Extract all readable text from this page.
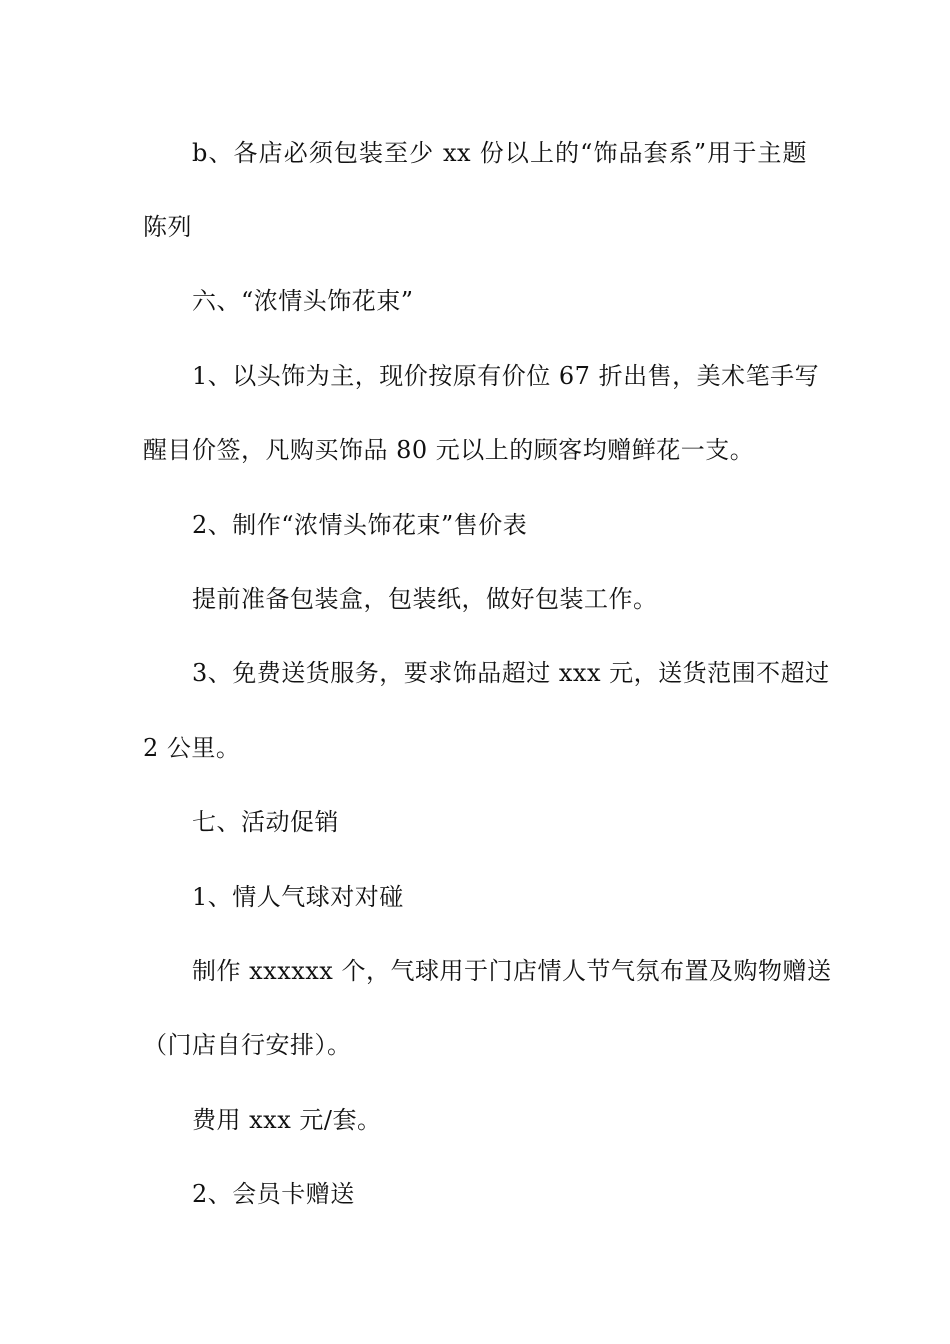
b、各店必须包装至少 xx 份以上的“饰品套系”用于主题
陈列
六、“浓情头饰花束”
1、以头饰为主，现价按原有价位 67 折出售，美术笔手写
醒目价签，凡购买饰品 80 元以上的顾客均赠鲜花一支。
2、制作“浓情头饰花束”售价表
提前准备包装盒，包装纸，做好包装工作。
3、免费送货服务，要求饰品超过 xxx 元，送货范围不超过
2 公里。
七、活动促销
1、情人气球对对碰
制作 xxxxxx 个，气球用于门店情人节气氛布置及购物赠送
（门店自行安排）。
费用 xxx 元/套。
2、会员卡赠送
